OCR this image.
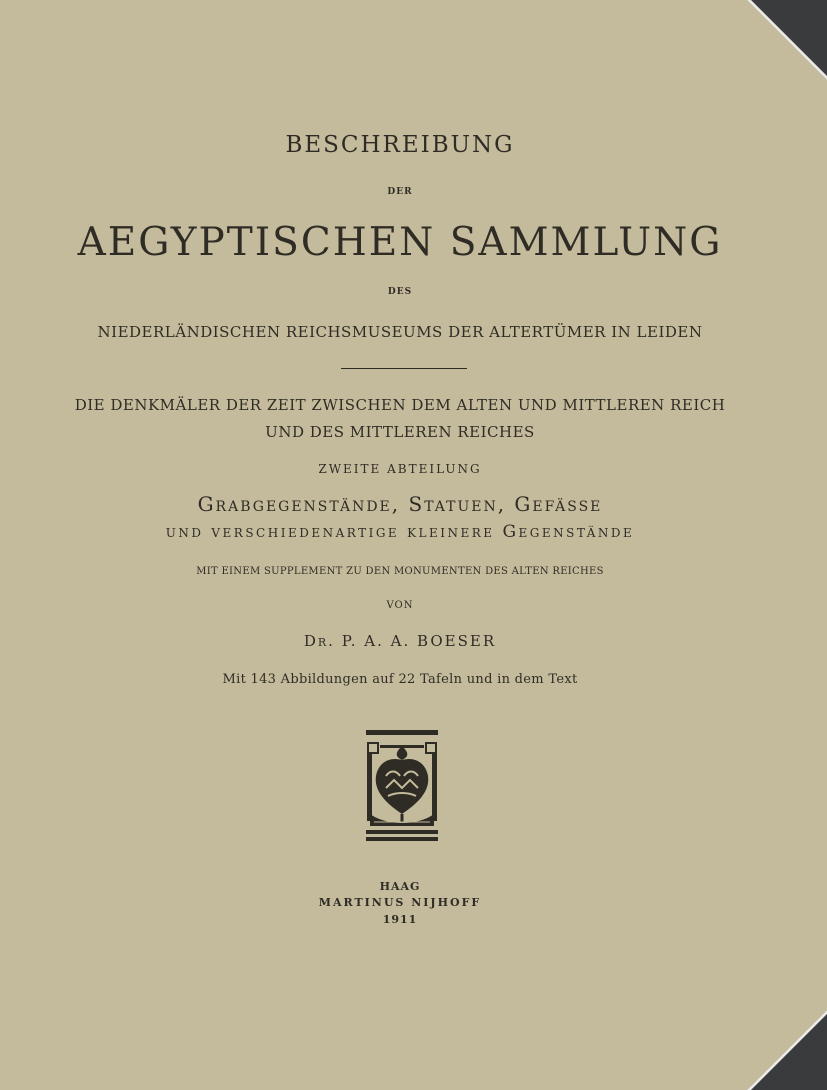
BESCHREIBUNG
DER
AEGYPTISCHEN SAMMLUNG
DES
NIEDERLÄNDISCHEN REICHSMUSEUMS DER ALTERTÜMER IN LEIDEN
DIE DENKMÄLER DER ZEIT ZWISCHEN DEM ALTEN UND MITTLEREN REICH
UND DES MITTLEREN REICHES
ZWEITE ABTEILUNG
Grabgegenstände, Statuen, Gefässe
und verschiedenartige kleinere Gegenstände
MIT EINEM SUPPLEMENT ZU DEN MONUMENTEN DES ALTEN REICHES
VON
Dr. P. A. A. BOESER
Mit 143 Abbildungen auf 22 Tafeln und in dem Text
HAAG
MARTINUS NIJHOFF
1911
